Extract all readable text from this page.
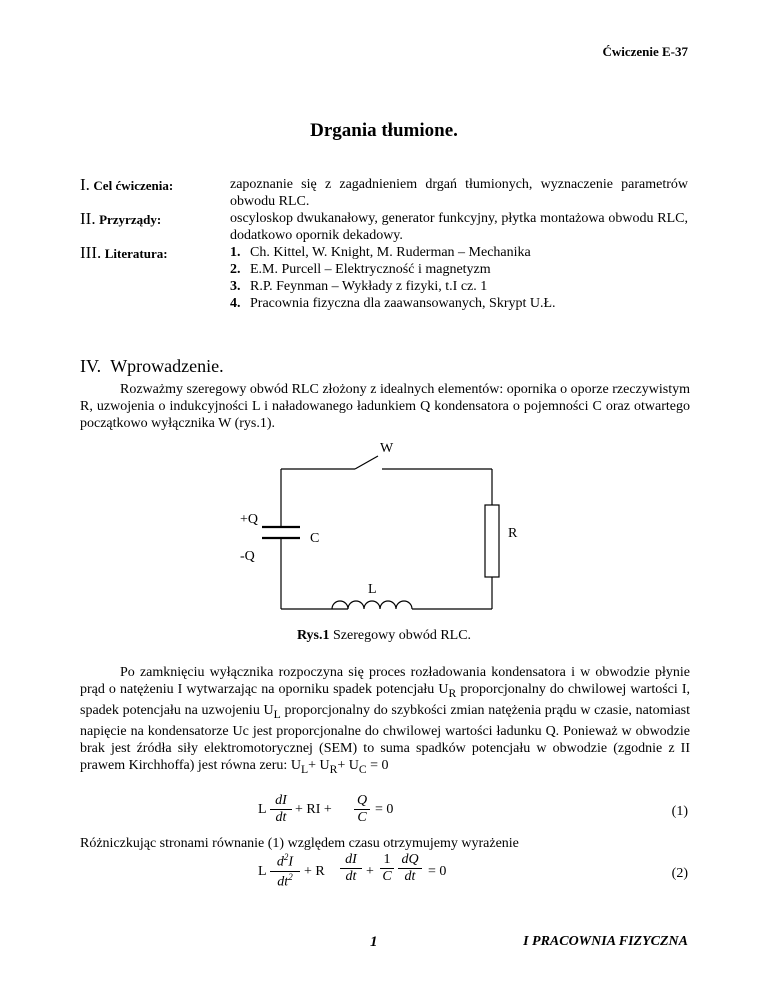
Ćwiczenie E-37
Drgania tłumione.
I. Cel ćwiczenia:	zapoznanie się z zagadnieniem drgań tłumionych, wyznaczenie parametrów obwodu RLC.
II. Przyrządy:	oscyloskop dwukanałowy, generator funkcyjny, płytka montażowa obwodu RLC, dodatkowo opornik dekadowy.
III. Literatura:	1. Ch. Kittel, W. Knight, M. Ruderman – Mechanika
2. E.M. Purcell – Elektryczność i magnetyzm
3. R.P. Feynman – Wykłady z fizyki, t.I cz. 1
4. Pracownia fizyczna dla zaawansowanych, Skrypt U.Ł.
IV. Wprowadzenie.
Rozważmy szeregowy obwód RLC złożony z idealnych elementów: opornika o oporze rzeczywistym R, uzwojenia o indukcyjności L i naładowanego ładunkiem Q kondensatora o pojemności C oraz otwartego początkowo wyłącznika W (rys.1).
W
+Q
C	R
-Q
L
Rys.1 Szeregowy obwód RLC.
Po zamknięciu wyłącznika rozpoczyna się proces rozładowania kondensatora i w obwodzie płynie prąd o natężeniu I wytwarzając na oporniku spadek potencjału $U_R$ proporcjonalny do chwilowej wartości I, spadek potencjału na uzwojeniu $U_L$ proporcjonalny do szybkości zmian natężenia prądu w czasie, natomiast napięcie na kondensatorze Uc jest proporcjonalne do chwilowej wartości ładunku Q. Ponieważ w obwodzie brak jest źródła siły elektromotorycznej (SEM) to suma spadków potencjału w obwodzie (zgodnie z II prawem Kirchhoffa) jest równa zeru: $U_L+ U_R+ U_C = 0$
L $\frac{dI}{dt}$ + RI + $\frac{Q}{C} = 0$	(1)
Różniczkując stronami równanie (1) względem czasu otrzymujemy wyrażenie
L $\frac{d^2I}{dt^2} + R \frac{dI}{dt} + \frac{1}{C} \frac{dQ}{dt} = 0$	(2)
1	I PRACOWNIA FIZYCZNA
